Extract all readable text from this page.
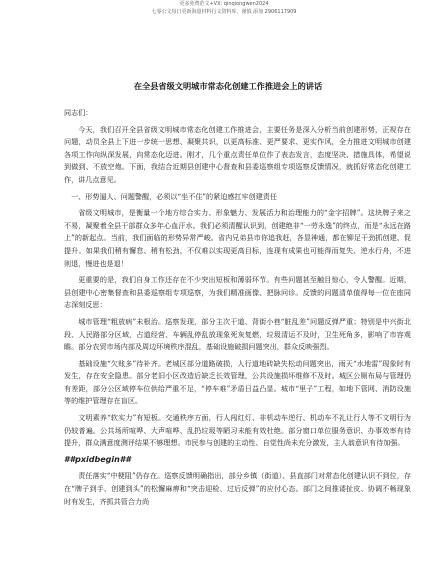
更多免费范文+VX: qinqiongwen2024
七零公文每日更新海量材料行文资料库，谨慎 添加 2906117909
在全县省级文明城市常态化创建工作推进会上的讲话

同志们：

今天，我们召开全县省级文明城市常态化创建工作推进会，主要任务是深入分析当前创建形势，正视存在问题，动员全县上下进一步统一思想、凝聚共识，以更高标准、更严要求、更实作风，全力推进文明城市创建各项工作向纵深发展，向常态化迈进。刚才，几个重点责任单位作了表态发言，态度坚决、措施具体，希望说到做到、不放空炮。下面，我结合近期县创建中心督查和县委巡察组专项巡察反馈情况，就抓好常态化创建工作，讲几点意见。

一、形势逼人、问题警醒，必须以“坐不住”的紧迫感扛牢创建责任

省级文明城市，是衡量一个地方综合实力、形象魅力、发展活力和治理能力的“金字招牌”。这块牌子来之不易，凝聚着全县干部群众多年心血汗水。我们必须清醒认识到，创建绝非“一劳永逸”的终点，而是“永远在路上”的新起点。当前，我们面临的形势异常严峻。省内兄弟县市你追我赶，各显神通，都在铆足干劲抓创建、促提升。如果我们稍有懈怠、稍有松劲，不仅难以实现更高目标，连现有成果也可能得而复失、逆水行舟，不进则退，慢进也是退！

更重要的是，我们自身工作还存在不少突出短板和薄弱环节。有些问题甚至触目惊心，令人警醒。近期，县创建中心密集督查和县委巡察组专项巡察，为我们精准画像、把脉问诊。反馈的问题清单值得每一位在座同志深刻反思：

城市管理“粗放病”未根治。巡察发现，部分主次干道、背街小巷“脏乱差”问题反弹严重；特别是中兴街北段、人民路部分区域，占道经营、车辆乱停乱放现象死灰复燃，垃圾清运不及时，卫生死角多，影响了市容观瞻。部分农贸市场内部及周边环境秩序混乱，基础设施破损问题突出，群众反映强烈。

基础设施“欠账多”待补齐。老城区部分道路破损，人行道地砖缺失松动问题突出，雨天“水地雷”现象时有发生，存在安全隐患。部分老旧小区改造后缺乏长效管理，公共设施损坏维修不及时。城区公厕布局与管理仍有差距，部分公区域停车位供给严重不足，“停车难”矛盾日益凸显。城市“里子”工程，如地下管网、消防设施等的维护管理存在盲区。

文明素养“软实力”有短板。交通秩序方面，行人闯红灯、非机动车逆行、机动车不礼让行人等不文明行为仍较普遍。公共场所喧哗、大声喧哗、乱扔垃圾等陋习未能有效杜绝。部分窗口单位服务意识、办事效率有待提升，群众满意度测评结果不够理想。市民参与创建的主动性、自觉性尚未充分激发，主人翁意识有待加强。

##pxidbegin##

责任落实“中梗阻”仍存在。巡察反馈明确指出，部分乡镇（街道）、县直部门对常态化创建认识不到位，存在“牌子到手、创建到头”的松懈麻痹和“突击迎检、过后反弹”的应付心态。部门之间推诿扯皮、协调不畅现象时有发生，齐抓共管合力尚
